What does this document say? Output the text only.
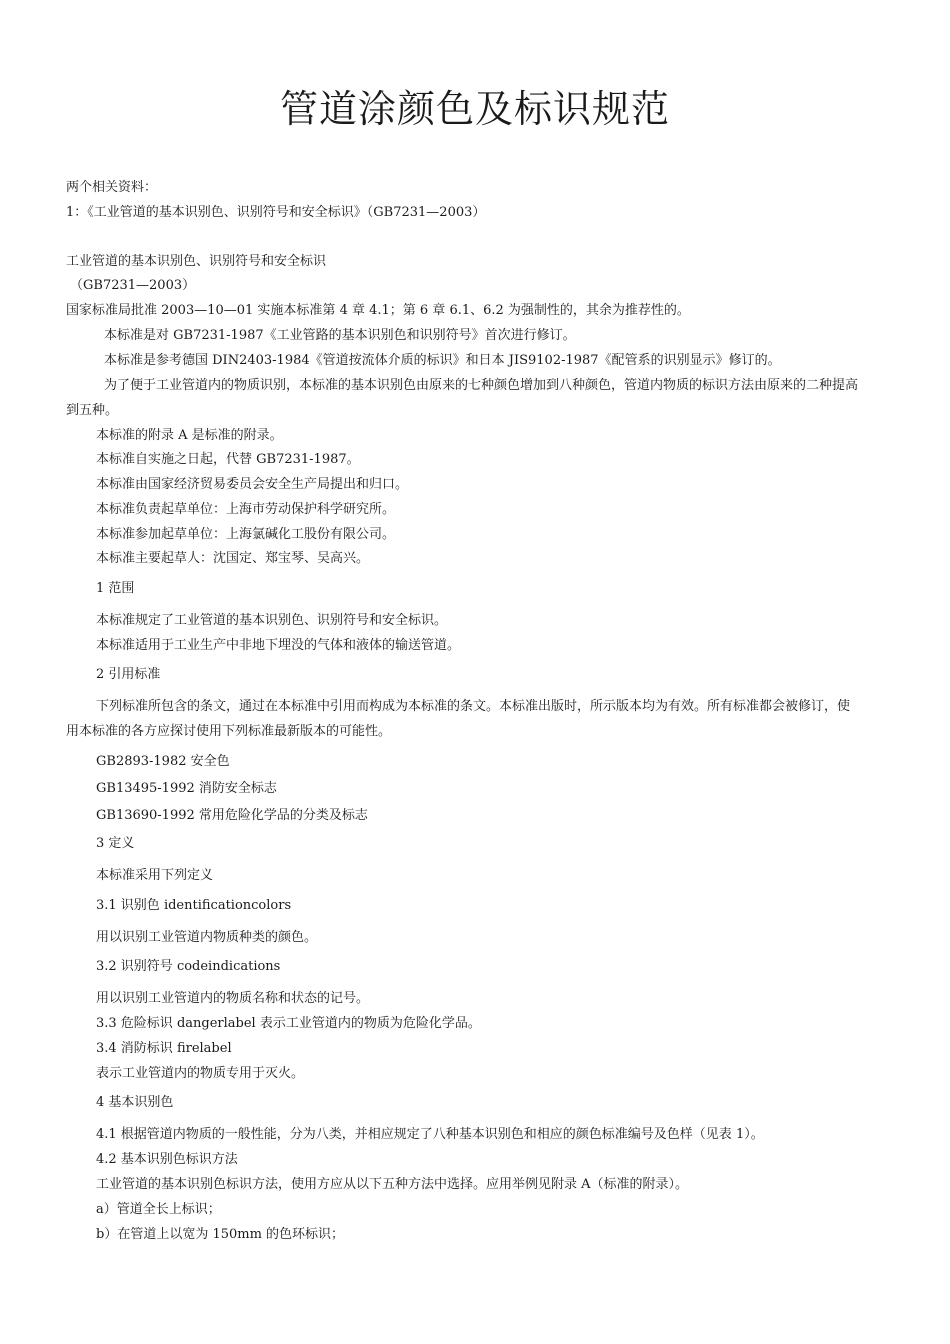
管道涂颜色及标识规范
两个相关资料：
1：《工业管道的基本识别色、识别符号和安全标识》（GB7231—2003）
工业管道的基本识别色、识别符号和安全标识
（GB7231—2003）
国家标准局批准 2003—10—01 实施本标准第 4 章 4.1；第 6 章 6.1、6.2 为强制性的，其余为推荐性的。
本标准是对 GB7231-1987《工业管路的基本识别色和识别符号》首次进行修订。
本标准是参考德国 DIN2403-1984《管道按流体介质的标识》和日本 JIS9102-1987《配管系的识别显示》修订的。
为了便于工业管道内的物质识别，本标准的基本识别色由原来的七种颜色增加到八种颜色，管道内物质的标识方法由原来的二种提高
到五种。
本标准的附录 A 是标准的附录。
本标准自实施之日起，代替 GB7231-1987。
本标准由国家经济贸易委员会安全生产局提出和归口。
本标准负责起草单位：上海市劳动保护科学研究所。
本标准参加起草单位：上海氯碱化工股份有限公司。
本标准主要起草人：沈国定、郑宝琴、吴高兴。
1 范围
本标准规定了工业管道的基本识别色、识别符号和安全标识。
本标准适用于工业生产中非地下埋没的气体和液体的输送管道。
2 引用标准
下列标准所包含的条文，通过在本标准中引用而构成为本标准的条文。本标准出版时，所示版本均为有效。所有标准都会被修订，使
用本标准的各方应探讨使用下列标准最新版本的可能性。
GB2893-1982 安全色
GB13495-1992 消防安全标志
GB13690-1992 常用危险化学品的分类及标志
3 定义
本标准采用下列定义
3.1 识别色 identificationcolors
用以识别工业管道内物质种类的颜色。
3.2 识别符号 codeindications
用以识别工业管道内的物质名称和状态的记号。
3.3 危险标识 dangerlabel 表示工业管道内的物质为危险化学品。
3.4 消防标识 firelabel
表示工业管道内的物质专用于灭火。
4 基本识别色
4.1 根据管道内物质的一般性能，分为八类，并相应规定了八种基本识别色和相应的颜色标准编号及色样（见表 1）。
4.2 基本识别色标识方法
工业管道的基本识别色标识方法，使用方应从以下五种方法中选择。应用举例见附录 A（标准的附录）。
a）管道全长上标识；
b）在管道上以宽为 150mm 的色环标识；
